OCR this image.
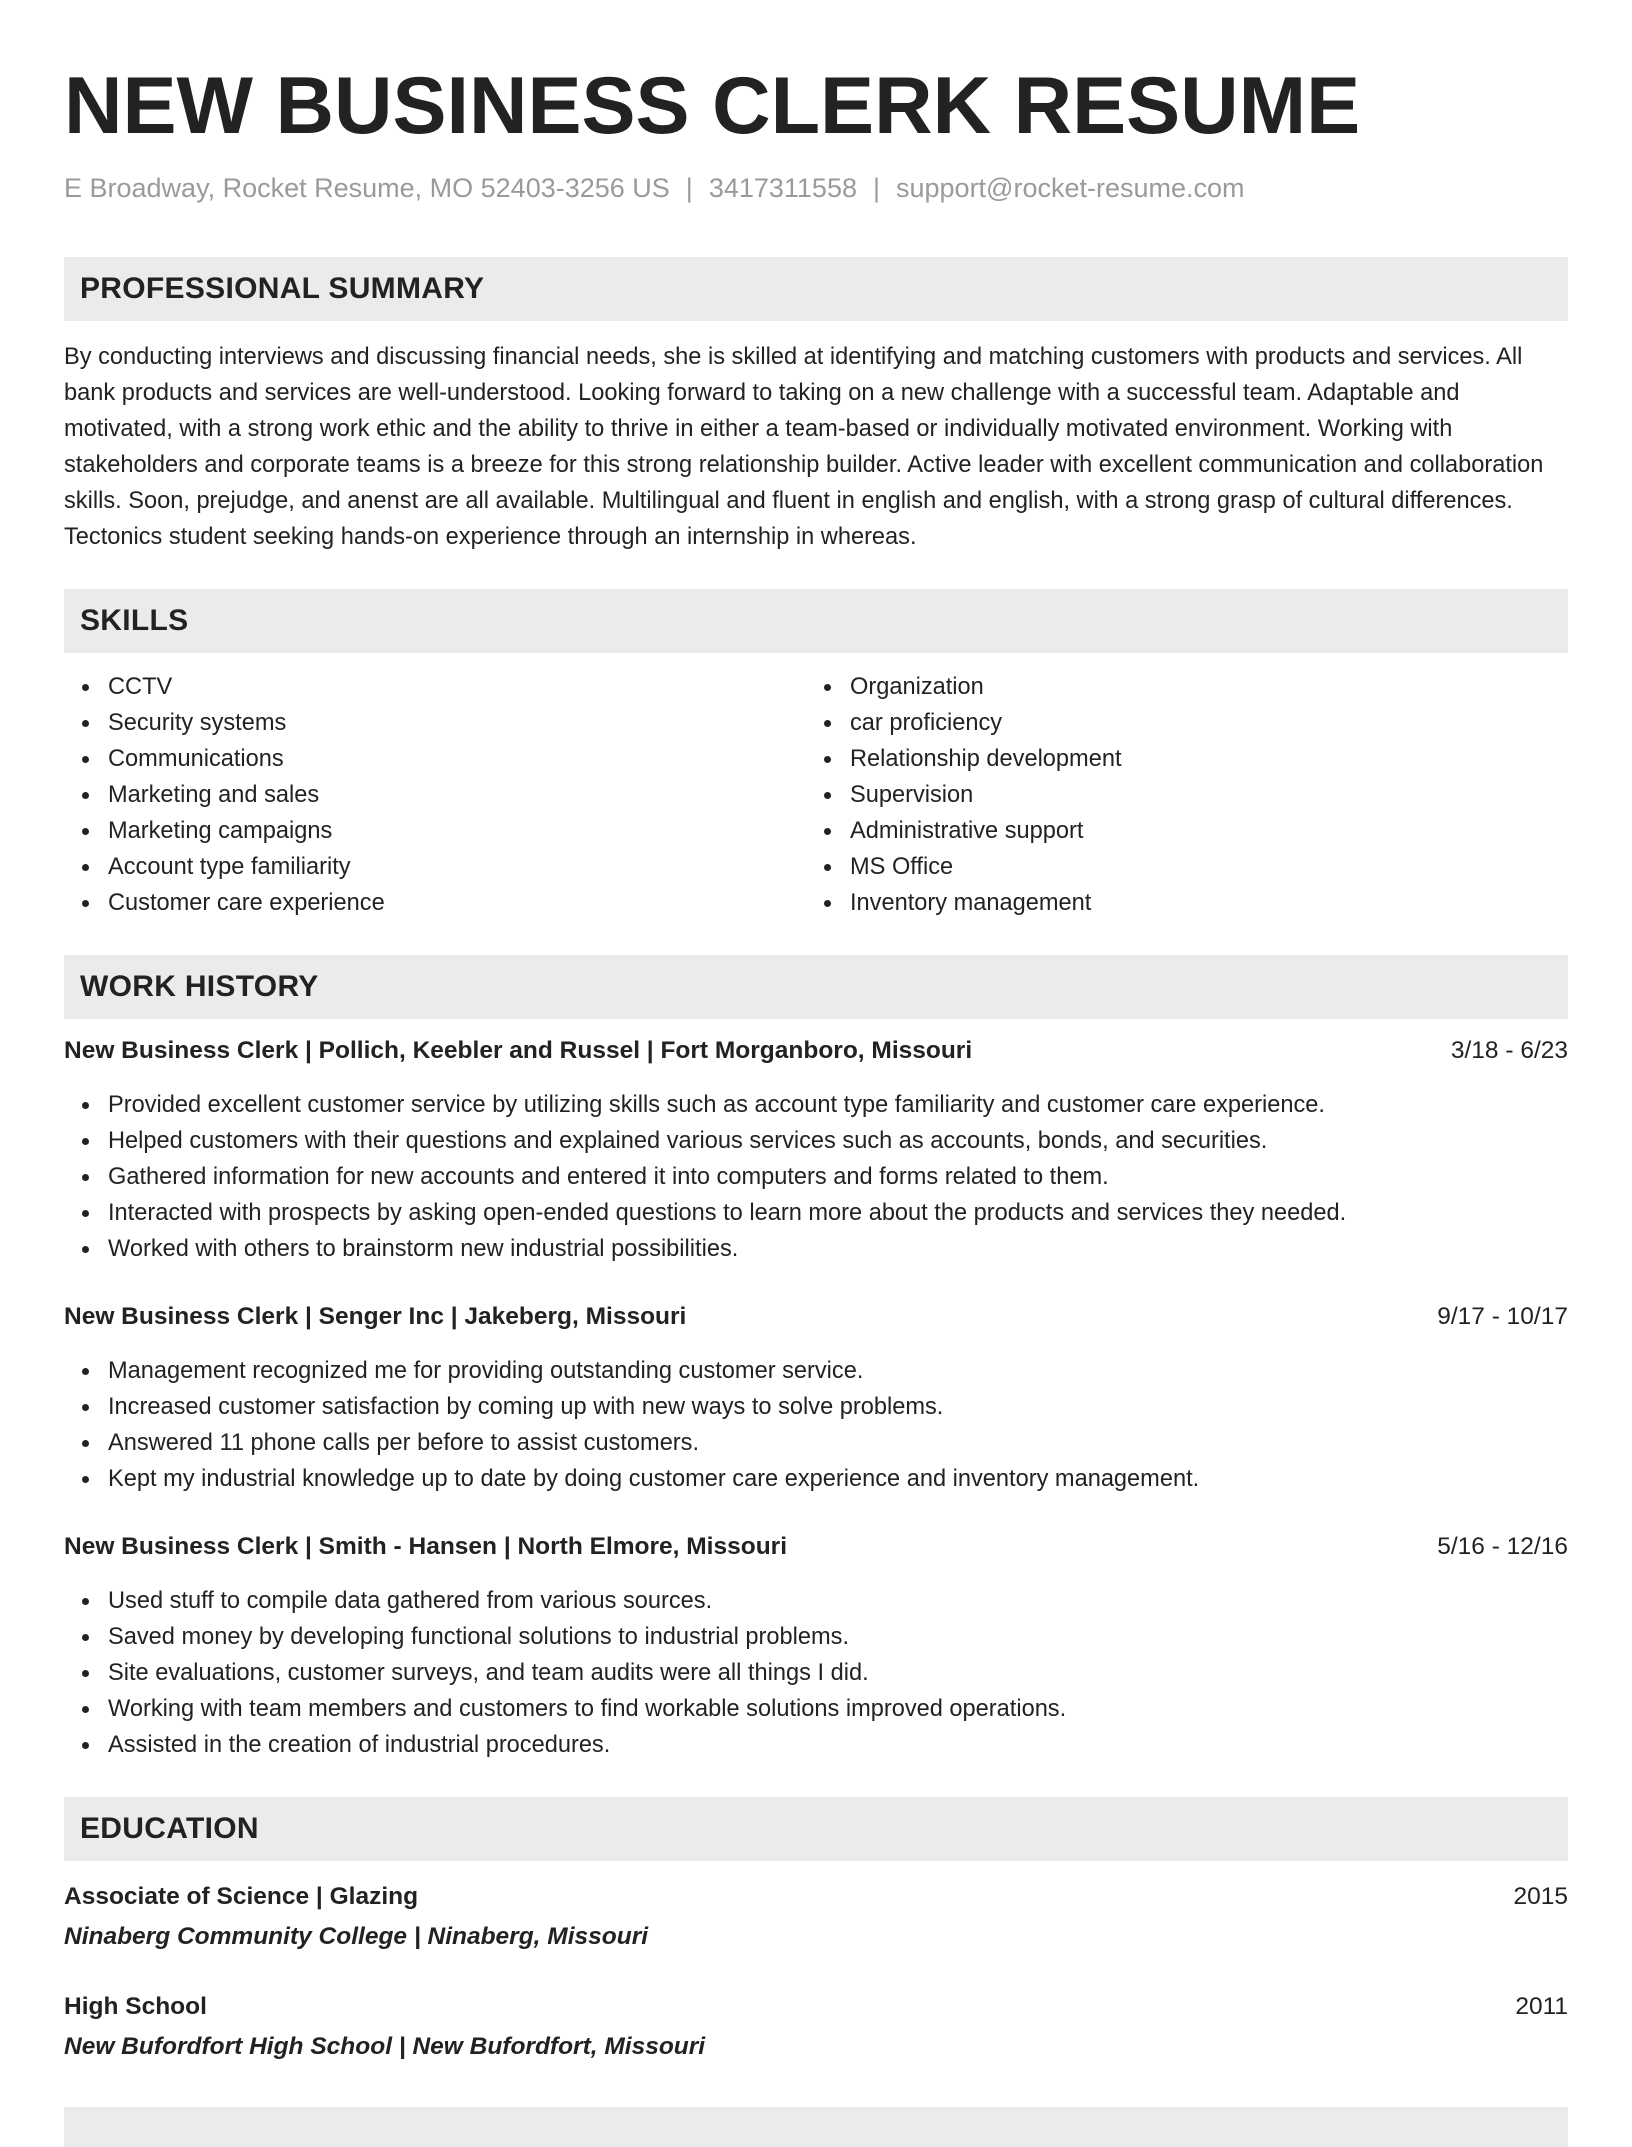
NEW BUSINESS CLERK RESUME
E Broadway, Rocket Resume, MO 52403-3256 US | 3417311558 | support@rocket-resume.com
PROFESSIONAL SUMMARY

By conducting interviews and discussing financial needs, she is skilled at identifying and matching customers with products and services. All bank products and services are well-understood. Looking forward to taking on a new challenge with a successful team. Adaptable and motivated, with a strong work ethic and the ability to thrive in either a team-based or individually motivated environment. Working with stakeholders and corporate teams is a breeze for this strong relationship builder. Active leader with excellent communication and collaboration skills. Soon, prejudge, and anenst are all available. Multilingual and fluent in english and english, with a strong grasp of cultural differences. Tectonics student seeking hands-on experience through an internship in whereas.

SKILLS
CCTV
Security systems
Communications
Marketing and sales
Marketing campaigns
Account type familiarity
Customer care experience
Organization
car proficiency
Relationship development
Supervision
Administrative support
MS Office
Inventory management
WORK HISTORY
New Business Clerk | Pollich, Keebler and Russel | Fort Morganboro, Missouri	3/18 - 6/23
Provided excellent customer service by utilizing skills such as account type familiarity and customer care experience.
Helped customers with their questions and explained various services such as accounts, bonds, and securities.
Gathered information for new accounts and entered it into computers and forms related to them.
Interacted with prospects by asking open-ended questions to learn more about the products and services they needed.
Worked with others to brainstorm new industrial possibilities.
New Business Clerk | Senger Inc | Jakeberg, Missouri	9/17 - 10/17
Management recognized me for providing outstanding customer service.
Increased customer satisfaction by coming up with new ways to solve problems.
Answered 11 phone calls per before to assist customers.
Kept my industrial knowledge up to date by doing customer care experience and inventory management.
New Business Clerk | Smith - Hansen | North Elmore, Missouri	5/16 - 12/16
Used stuff to compile data gathered from various sources.
Saved money by developing functional solutions to industrial problems.
Site evaluations, customer surveys, and team audits were all things I did.
Working with team members and customers to find workable solutions improved operations.
Assisted in the creation of industrial procedures.
EDUCATION
Associate of Science | Glazing	2015
Ninaberg Community College | Ninaberg, Missouri
High School	2011
New Bufordfort High School | New Bufordfort, Missouri
